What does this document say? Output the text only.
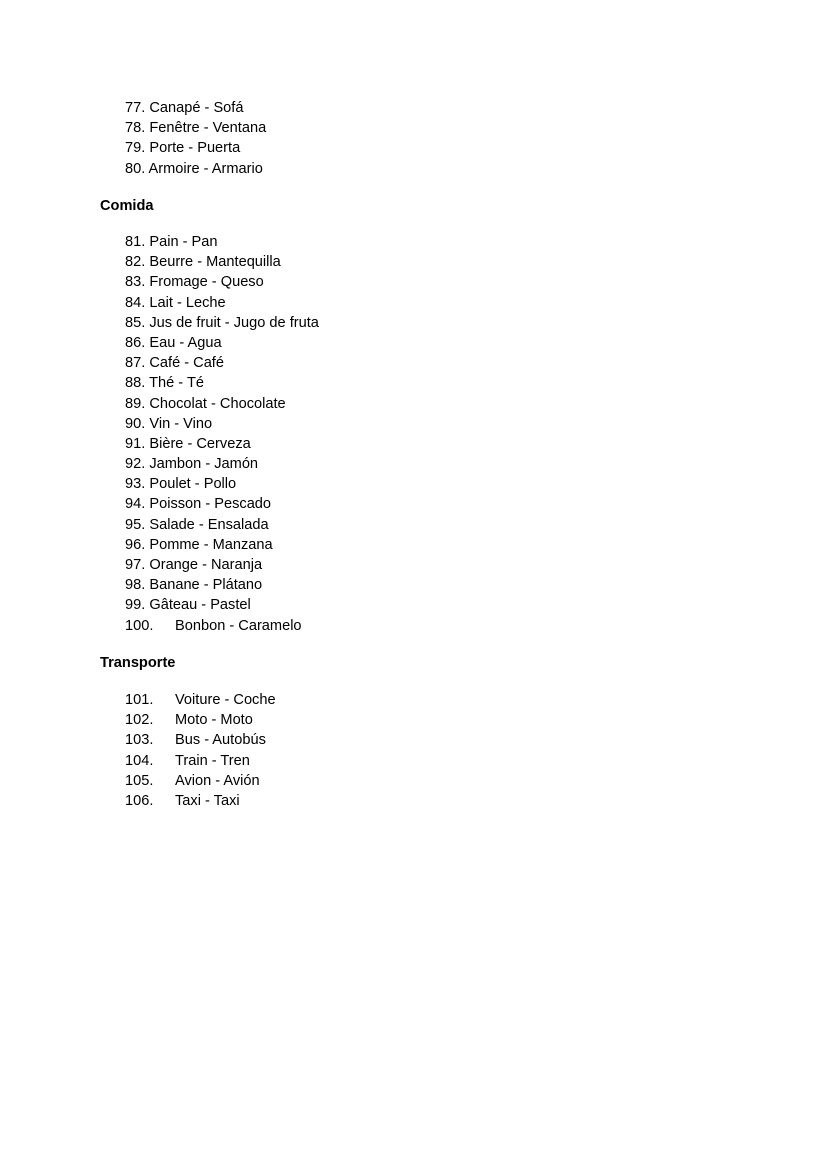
77. Canapé - Sofá
78. Fenêtre - Ventana
79. Porte - Puerta
80. Armoire - Armario
Comida
81. Pain - Pan
82. Beurre - Mantequilla
83. Fromage - Queso
84. Lait - Leche
85. Jus de fruit - Jugo de fruta
86. Eau - Agua
87. Café - Café
88. Thé - Té
89. Chocolat - Chocolate
90. Vin - Vino
91. Bière - Cerveza
92. Jambon - Jamón
93. Poulet - Pollo
94. Poisson - Pescado
95. Salade - Ensalada
96. Pomme - Manzana
97. Orange - Naranja
98. Banane - Plátano
99. Gâteau - Pastel
100. Bonbon - Caramelo
Transporte
101. Voiture - Coche
102. Moto - Moto
103. Bus - Autobús
104. Train - Tren
105. Avion - Avión
106. Taxi - Taxi
